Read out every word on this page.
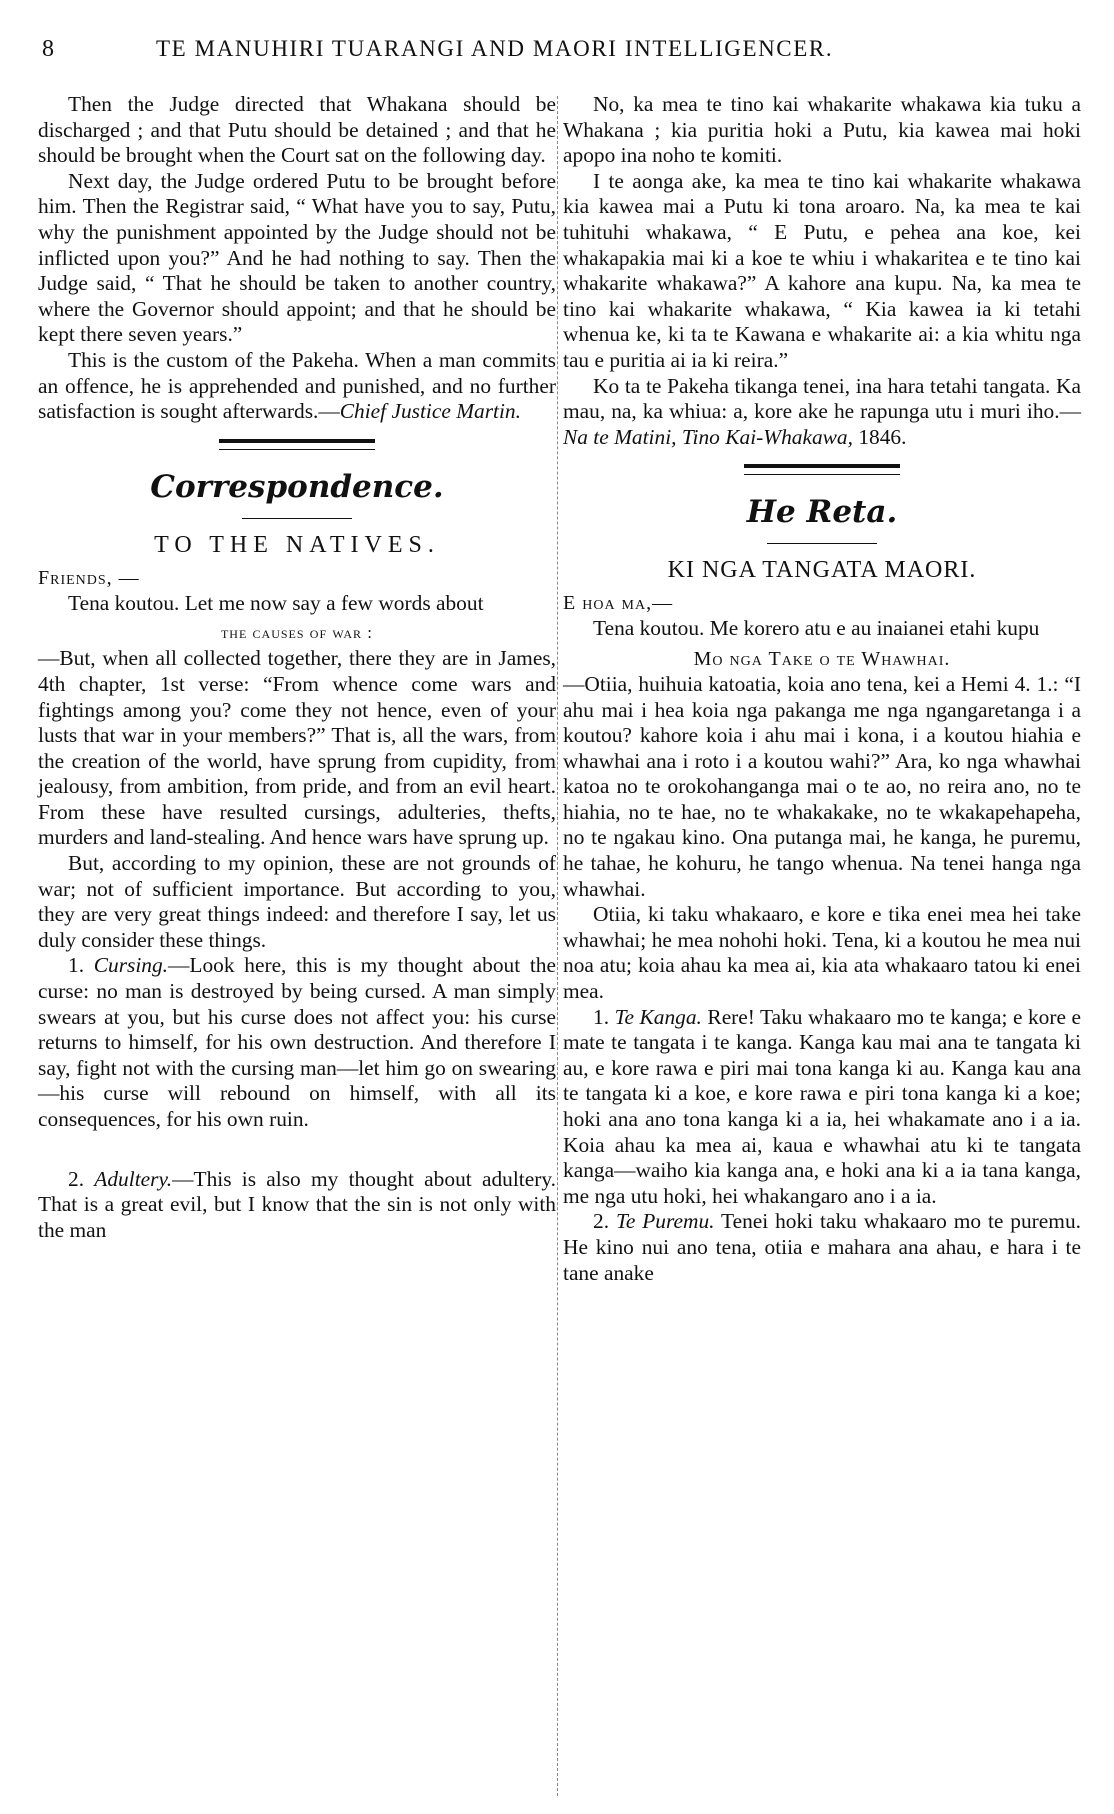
8	TE MANUHIRI TUARANGI AND MAORI INTELLIGENCER.

Then the Judge directed that Whakana should be discharged ; and that Putu should be detained ; and that he should be brought when the Court sat on the following day.

Next day, the Judge ordered Putu to be brought before him. Then the Registrar said, “ What have you to say, Putu, why the punishment appointed by the Judge should not be inflicted upon you?” And he had nothing to say. Then the Judge said, “ That he should be taken to another country, where the Governor should appoint; and that he should be kept there seven years.”

This is the custom of the Pakeha. When a man commits an offence, he is apprehended and punished, and no further satisfaction is sought afterwards.—Chief Justice Martin.

Correspondence.
TO THE NATIVES.
Friends, —

Tena koutou. Let me now say a few words about

the causes of war :

—But, when all collected together, there they are in James, 4th chapter, 1st verse: “From whence come wars and fightings among you? come they not hence, even of your lusts that war in your members?” That is, all the wars, from the creation of the world, have sprung from cupidity, from jealousy, from ambition, from pride, and from an evil heart. From these have resulted cursings, adulteries, thefts, murders and land-stealing. And hence wars have sprung up.

But, according to my opinion, these are not grounds of war; not of sufficient importance. But according to you, they are very great things indeed: and therefore I say, let us duly consider these things.

1. Cursing.—Look here, this is my thought about the curse: no man is destroyed by being cursed. A man simply swears at you, but his curse does not affect you: his curse returns to himself, for his own destruction. And therefore I say, fight not with the cursing man—let him go on swearing—his curse will rebound on himself, with all its consequences, for his own ruin.

2. Adultery.—This is also my thought about adultery. That is a great evil, but I know that the sin is not only with the man

No, ka mea te tino kai whakarite whakawa kia tuku a Whakana ; kia puritia hoki a Putu, kia kawea mai hoki apopo ina noho te komiti.

I te aonga ake, ka mea te tino kai whakarite whakawa kia kawea mai a Putu ki tona aroaro. Na, ka mea te kai tuhituhi whakawa, “ E Putu, e pehea ana koe, kei whakapakia mai ki a koe te whiu i whakaritea e te tino kai whakarite whakawa?” A kahore ana kupu. Na, ka mea te tino kai whakarite whakawa, “ Kia kawea ia ki tetahi whenua ke, ki ta te Kawana e whakarite ai: a kia whitu nga tau e puritia ai ia ki reira.”

Ko ta te Pakeha tikanga tenei, ina hara tetahi tangata. Ka mau, na, ka whiua: a, kore ake he rapunga utu i muri iho.—Na te Matini, Tino Kai-Whakawa, 1846.

He Reta.
KI NGA TANGATA MAORI.
E hoa ma,—

Tena koutou. Me korero atu e au inaianei etahi kupu

Mo nga Take o te Whawhai.

—Otiia, huihuia katoatia, koia ano tena, kei a Hemi 4. 1.: “I ahu mai i hea koia nga pakanga me nga ngangaretanga i a koutou? kahore koia i ahu mai i kona, i a koutou hiahia e whawhai ana i roto i a koutou wahi?” Ara, ko nga whawhai katoa no te orokohanganga mai o te ao, no reira ano, no te hiahia, no te hae, no te whakakake, no te wkakapehapeha, no te ngakau kino. Ona putanga mai, he kanga, he puremu, he tahae, he kohuru, he tango whenua. Na tenei hanga nga whawhai.

Otiia, ki taku whakaaro, e kore e tika enei mea hei take whawhai; he mea nohohi hoki. Tena, ki a koutou he mea nui noa atu; koia ahau ka mea ai, kia ata whakaaro tatou ki enei mea.

1. Te Kanga. Rere! Taku whakaaro mo te kanga; e kore e mate te tangata i te kanga. Kanga kau mai ana te tangata ki au, e kore rawa e piri mai tona kanga ki au. Kanga kau ana te tangata ki a koe, e kore rawa e piri tona kanga ki a koe; hoki ana ano tona kanga ki a ia, hei whakamate ano i a ia. Koia ahau ka mea ai, kaua e whawhai atu ki te tangata kanga—waiho kia kanga ana, e hoki ana ki a ia tana kanga, me nga utu hoki, hei whakangaro ano i a ia.

2. Te Puremu. Tenei hoki taku whakaaro mo te puremu. He kino nui ano tena, otiia e mahara ana ahau, e hara i te tane anake
